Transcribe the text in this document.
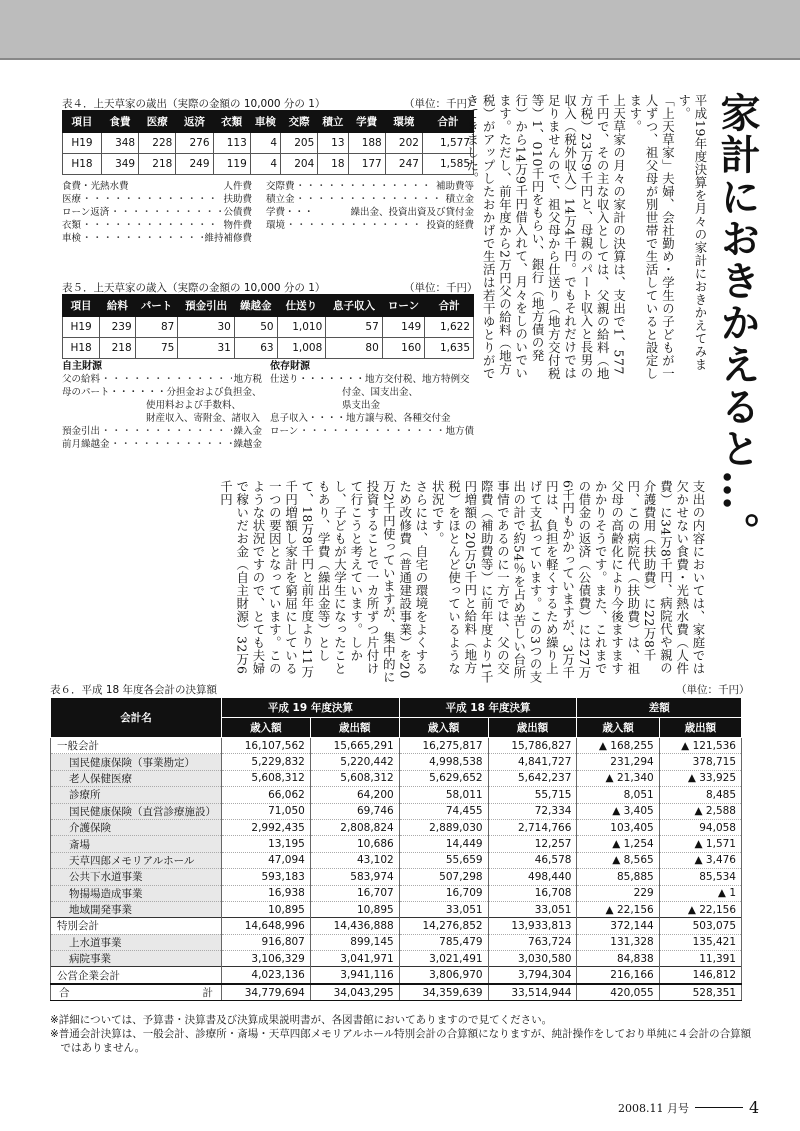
表４．上天草家の歳出（実際の金額の 10,000 分の 1）	（単位：千円）
項目	食費	医療	返済	衣類	車検	交際	積立	学費	環境	合計
H19	348	228	276	113	4	205	13	188	202	1,577
H18	349	218	249	119	4	204	18	177	247	1,585
食費・光熱水費	人件費 交際費 ・・・・・・・・・・・・・・・・・・・・・・・・・・・・・・・・・・	補助費等
医療 ・・・・・・・・・・・・・・・・・・・・・・・・・・・・・・・・・・	扶助費 積立金 ・・・・・・・・・・・・・・・・・・・・・・・・・・・・・・・・・・	積立金
ローン返済 ・・・・・・・・・・・・・・・・・・・・・・・・・・・・・・・・・・	公債費 学費・・・	繰出金、投資出資及び貸付金
衣類 ・・・・・・・・・・・・・・・・・・・・・・・・・・・・・・・・・・	物件費 環境 ・・・・・・・・・・・・・・・・・・・・・・・・・・・・・・・・・・	投資的経費
車検 ・・・・・・・・・・・・・・・・・・・・・・・・・・・・・・・・・・	維持補修費
表５．上天草家の歳入（実際の金額の 10,000 分の 1）	（単位：千円）
項目	給料	パート	預金引出	繰越金	仕送り	息子収入	ローン	合計
H19	239	87	30	50	1,010	57	149	1,622
H18	218	75	31	63	1,008	80	160	1,635
自主財源
父の給料 ・・・・・・・・・・・・・・・・・・・・・・・・・・・・・・・・・・	地方税
母のパート・・・・・・分担金および負担金、
使用料および手数料、
財産収入、寄附金、諸収入
預金引出 ・・・・・・・・・・・・・・・・・・・・・・・・・・・・・・・・・・	繰入金
前月繰越金 ・・・・・・・・・・・・・・・・・・・・・・・・・・・・・・・・・・	繰越金
依存財源
仕送り・・・・・・・地方交付税、地方特例交
付金、国支出金、
県支出金
息子収入・・・・地方譲与税、各種交付金
ローン ・・・・・・・・・・・・・・・・・・・・・・・・・・・・・・・・・・	地方債	家計におきかえると…。

平成19年度決算を月々の家計におきかえてみます。

「上天草家」夫婦、会社勤め・学生の子どもが一人ずつ、祖父母が別世帯で生活していると設定します。

上天草家の月々の家計の決算は、支出で1、577千円で、その主な収入としては、父親の給料（地方税）23万9千円と、母親のパート収入と長男の収入（税外収入）14万4千円。でもそれだけでは足りませんので、祖父母から仕送り（地方交付税等）1、010千円をもらい、銀行（地方債の発行）から14万9千円借入れて、月々をしのいでいます。ただし、前年度から2万円父の給料（地方税）がアップしたおかげで生活は若干ゆとりができてきました。

支出の内容においては、家庭では欠かせない食費・光熱水費（人件費）に34万8千円、病院代や親の介護費用（扶助費）に22万8千円、この病院代（扶助費）は、祖父母の高齢化により今後ますますかかりそうです。また、これまでの借金の返済（公債費）には27万6千円もかかっていますが、3万千円は、負担を軽くするため繰り上げて支払っています。この3つの支出の計で約54％を占め苦しい台所事情であるのに一方では、父の交際費（補助費等）に前年度より1千円増額の20万5千円と給料（地方税）をほとんど使っているような状況です。

さらには、自宅の環境をよくするため改修費（普通建設事業）を20万2千円使っていますが、集中的に投資することで一カ所ずつ片付けて行こうと考えています。しかし、子どもが大学生になったこともあり、学費（繰出金等）として、18万8千円と前年度より11万千円増額し家計を窮屈にしている一つの要因となっています。このような状況ですので、とても夫婦で稼いだお金（自主財源）32万6千円

表６．平成 18 年度各会計の決算額	（単位：千円）
会計名	平成 19 年度決算		平成 18 年度決算		差額	
	歳入額	歳出額	歳入額	歳出額	歳入額	歳出額
一般会計	16,107,562	15,665,291	16,275,817	15,786,827	▲ 168,255	▲ 121,536
国民健康保険（事業勘定）	5,229,832	5,220,442	4,998,538	4,841,727	231,294	378,715
老人保健医療	5,608,312	5,608,312	5,629,652	5,642,237	▲ 21,340	▲ 33,925
診療所	66,062	64,200	58,011	55,715	8,051	8,485
国民健康保険（直営診療施設）	71,050	69,746	74,455	72,334	▲ 3,405	▲ 2,588
介護保険	2,992,435	2,808,824	2,889,030	2,714,766	103,405	94,058
斎場	13,195	10,686	14,449	12,257	▲ 1,254	▲ 1,571
天草四郎メモリアルホール	47,094	43,102	55,659	46,578	▲ 8,565	▲ 3,476
公共下水道事業	593,183	583,974	507,298	498,440	85,885	85,534
物揚場造成事業	16,938	16,707	16,709	16,708	229	▲ 1
地域開発事業	10,895	10,895	33,051	33,051	▲ 22,156	▲ 22,156
特別会計	14,648,996	14,436,888	14,276,852	13,933,813	372,144	503,075
上水道事業	916,807	899,145	785,479	763,724	131,328	135,421
病院事業	3,106,329	3,041,971	3,021,491	3,030,580	84,838	11,391
公営企業会計	4,023,136	3,941,116	3,806,970	3,794,304	216,166	146,812
合　　計	34,779,694	34,043,295	34,359,639	33,514,944	420,055	528,351
※詳細については、予算書・決算書及び決算成果説明書が、各図書館においてありますので見てください。
※普通会計決算は、一般会計、診療所・斎場・天草四郎メモリアルホール特別会計の合算額になりますが、純計操作をしており単純に４会計の合算額ではありません。
2008.11 月号	4
